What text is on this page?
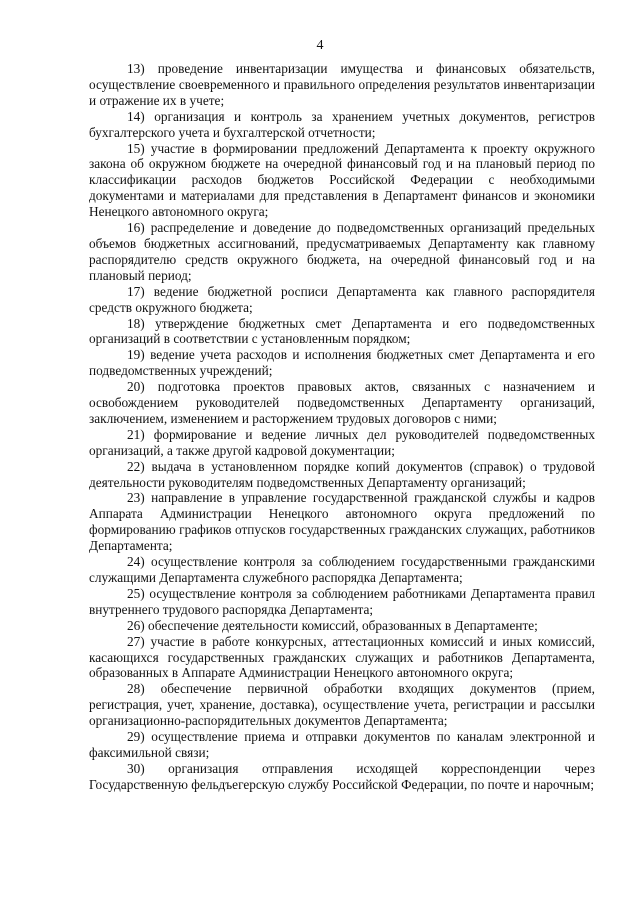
4

13) проведение инвентаризации имущества и финансовых обязательств, осуществление своевременного и правильного определения результатов инвентаризации и отражение их в учете;

14) организация и контроль за хранением учетных документов, регистров бухгалтерского учета и бухгалтерской отчетности;

15) участие в формировании предложений Департамента к проекту окружного закона об окружном бюджете на очередной финансовый год и на плановый период по классификации расходов бюджетов Российской Федерации с необходимыми документами и материалами для представления в Департамент финансов и экономики Ненецкого автономного округа;

16) распределение и доведение до подведомственных организаций предельных объемов бюджетных ассигнований, предусматриваемых Департаменту как главному распорядителю средств окружного бюджета, на очередной финансовый год и на плановый период;

17) ведение бюджетной росписи Департамента как главного распорядителя средств окружного бюджета;

18) утверждение бюджетных смет Департамента и его подведомственных организаций в соответствии с установленным порядком;

19) ведение учета расходов и исполнения бюджетных смет Департамента и его подведомственных учреждений;

20) подготовка проектов правовых актов, связанных с назначением и освобождением руководителей подведомственных Департаменту организаций, заключением, изменением и расторжением трудовых договоров с ними;

21) формирование и ведение личных дел руководителей подведомственных организаций, а также другой кадровой документации;

22) выдача в установленном порядке копий документов (справок) о трудовой деятельности руководителям подведомственных Департаменту организаций;

23) направление в управление государственной гражданской службы и кадров Аппарата Администрации Ненецкого автономного округа предложений по формированию графиков отпусков государственных гражданских служащих, работников Департамента;

24) осуществление контроля за соблюдением государственными гражданскими служащими Департамента служебного распорядка Департамента;

25) осуществление контроля за соблюдением работниками Департамента правил внутреннего трудового распорядка Департамента;

26) обеспечение деятельности комиссий, образованных в Департаменте;

27) участие в работе конкурсных, аттестационных комиссий и иных комиссий, касающихся государственных гражданских служащих и работников Департамента, образованных в Аппарате Администрации Ненецкого автономного округа;

28) обеспечение первичной обработки входящих документов (прием, регистрация, учет, хранение, доставка), осуществление учета, регистрации и рассылки организационно-распорядительных документов Департамента;

29) осуществление приема и отправки документов по каналам электронной и факсимильной связи;

30) организация отправления исходящей корреспонденции через Государственную фельдъегерскую службу Российской Федерации, по почте и нарочным;
